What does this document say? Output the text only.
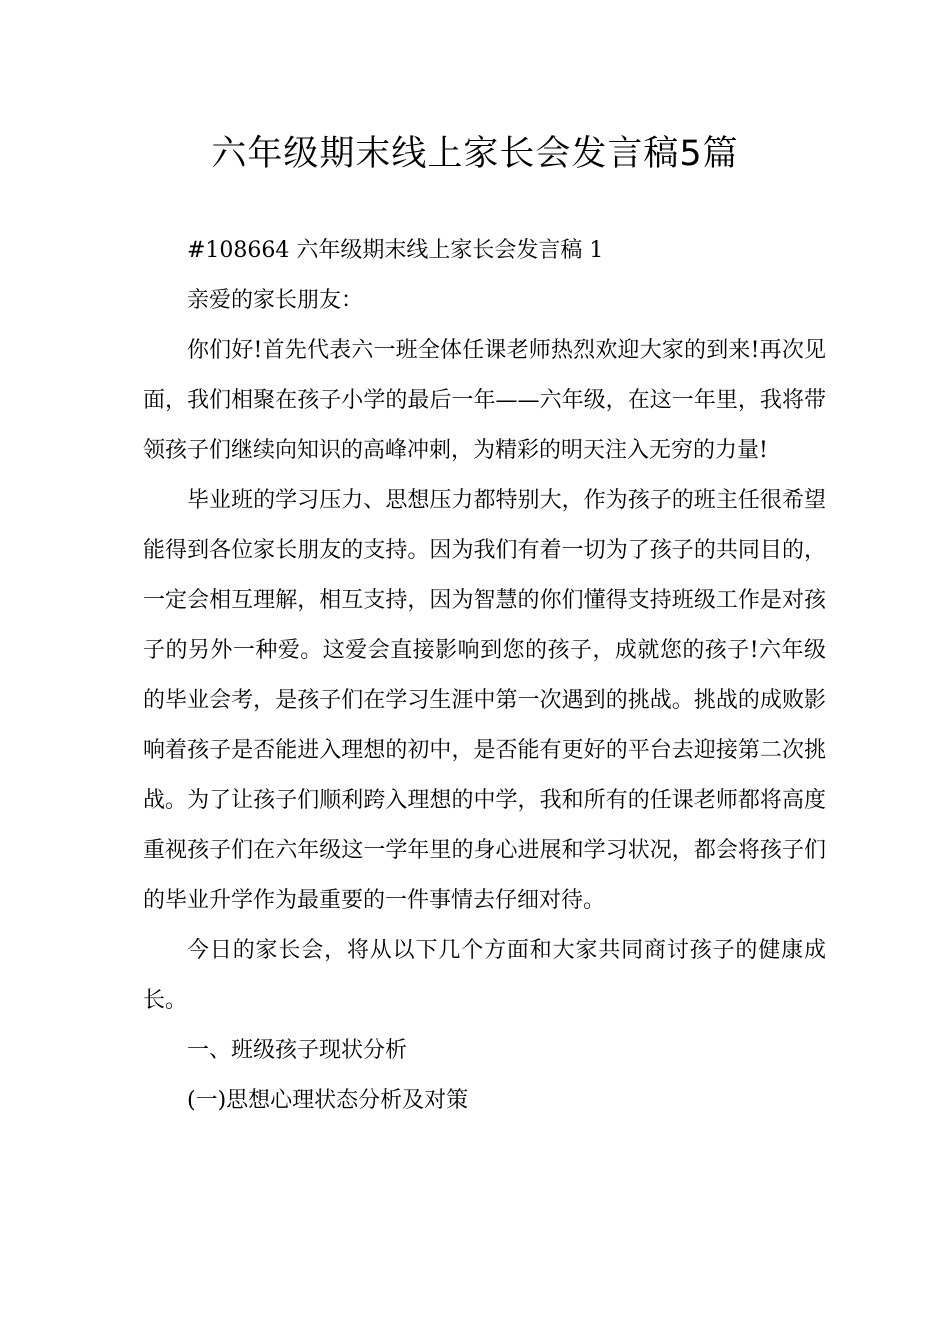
六年级期末线上家长会发言稿5篇

#108664 六年级期末线上家长会发言稿 1

亲爱的家长朋友：

你们好!首先代表六一班全体任课老师热烈欢迎大家的到来!再次见面，我们相聚在孩子小学的最后一年——六年级，在这一年里，我将带领孩子们继续向知识的高峰冲刺，为精彩的明天注入无穷的力量!

毕业班的学习压力、思想压力都特别大，作为孩子的班主任很希望能得到各位家长朋友的支持。因为我们有着一切为了孩子的共同目的，一定会相互理解，相互支持，因为智慧的你们懂得支持班级工作是对孩子的另外一种爱。这爱会直接影响到您的孩子，成就您的孩子!六年级的毕业会考，是孩子们在学习生涯中第一次遇到的挑战。挑战的成败影响着孩子是否能进入理想的初中，是否能有更好的平台去迎接第二次挑战。为了让孩子们顺利跨入理想的中学，我和所有的任课老师都将高度重视孩子们在六年级这一学年里的身心进展和学习状况，都会将孩子们的毕业升学作为最重要的一件事情去仔细对待。

今日的家长会，将从以下几个方面和大家共同商讨孩子的健康成长。

一、班级孩子现状分析

(一)思想心理状态分析及对策
